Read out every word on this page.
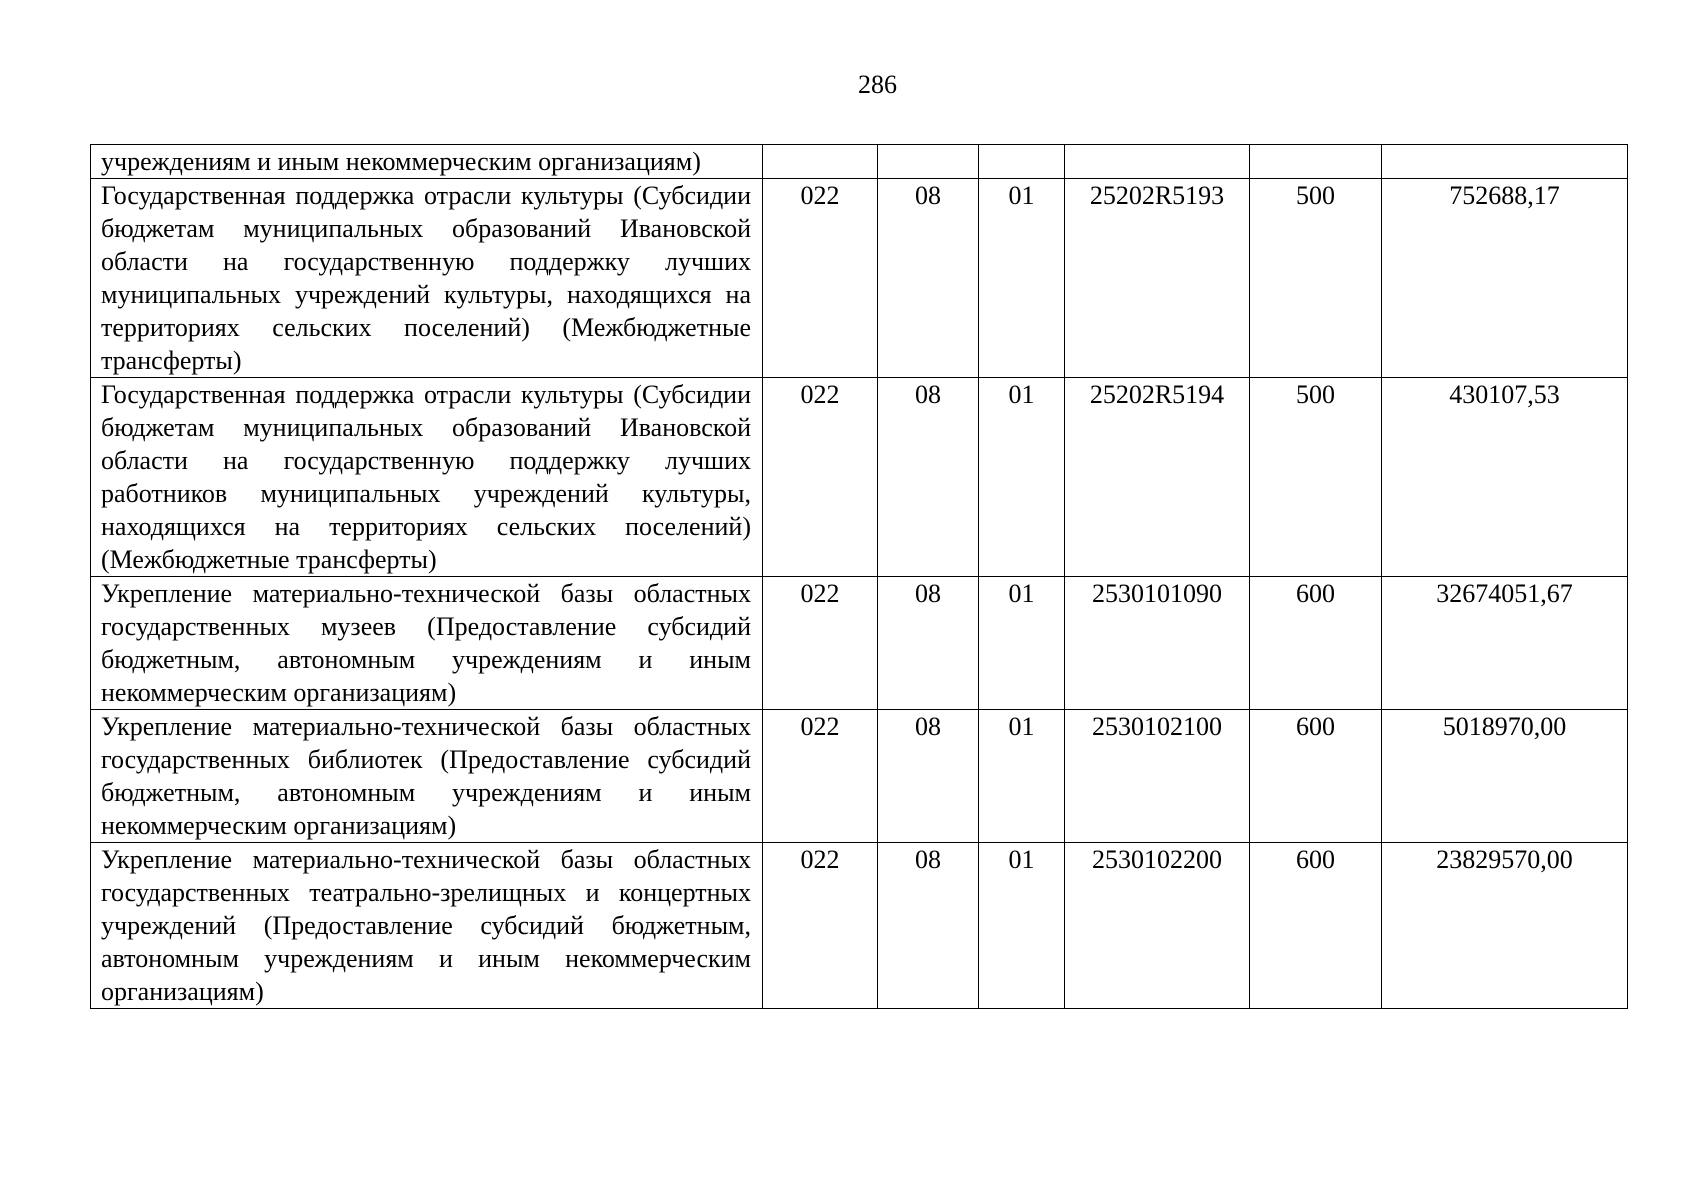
286
учреждениям и иным некоммерческим организациям)						
Государственная поддержка отрасли культуры (Субсидии бюджетам муниципальных образований Ивановской области на государственную поддержку лучших муниципальных учреждений культуры, находящихся на территориях сельских поселений) (Межбюджетные трансферты)	022	08	01	25202R5193	500	752688,17
Государственная поддержка отрасли культуры (Субсидии бюджетам муниципальных образований Ивановской области на государственную поддержку лучших работников муниципальных учреждений культуры, находящихся на территориях сельских поселений) (Межбюджетные трансферты)	022	08	01	25202R5194	500	430107,53
Укрепление материально-технической базы областных государственных музеев (Предоставление субсидий бюджетным, автономным учреждениям и иным некоммерческим организациям)	022	08	01	2530101090	600	32674051,67
Укрепление материально-технической базы областных государственных библиотек (Предоставление субсидий бюджетным, автономным учреждениям и иным некоммерческим организациям)	022	08	01	2530102100	600	5018970,00
Укрепление материально-технической базы областных государственных театрально-зрелищных и концертных учреждений (Предоставление субсидий бюджетным, автономным учреждениям и иным некоммерческим организациям)	022	08	01	2530102200	600	23829570,00
